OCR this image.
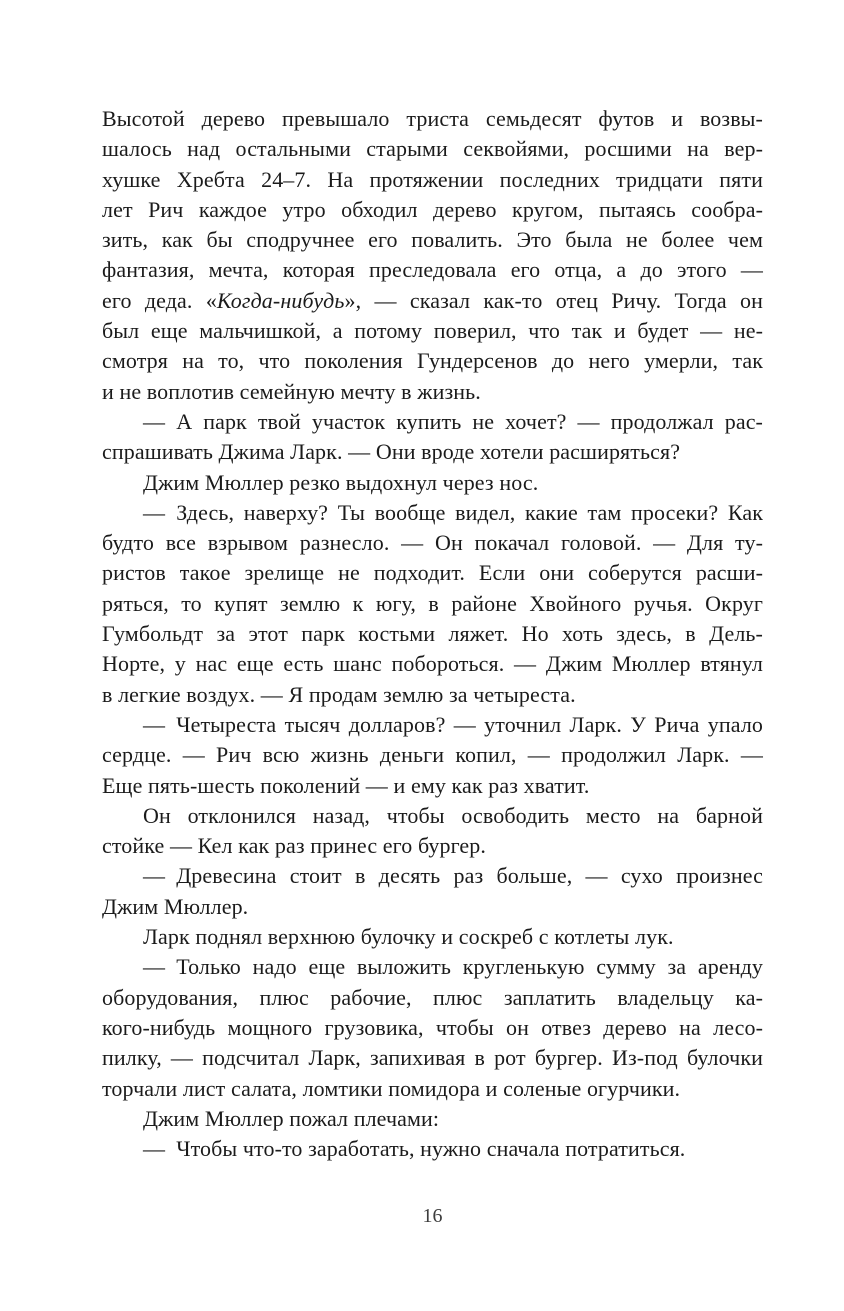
Высотой дерево превышало триста семьдесят футов и возвы-
шалось над остальными старыми секвойями, росшими на вер-
хушке Хребта 24–7. На протяжении последних тридцати пяти
лет Рич каждое утро обходил дерево кругом, пытаясь сообра-
зить, как бы сподручнее его повалить. Это была не более чем
фантазия, мечта, которая преследовала его отца, а до этого —
его деда. «Когда-нибудь», — сказал как-то отец Ричу. Тогда он
был еще мальчишкой, а потому поверил, что так и будет — не-
смотря на то, что поколения Гундерсенов до него умерли, так
и не воплотив семейную мечту в жизнь.
— А парк твой участок купить не хочет? — продолжал рас-
спрашивать Джима Ларк. — Они вроде хотели расширяться?
Джим Мюллер резко выдохнул через нос.
— Здесь, наверху? Ты вообще видел, какие там просеки? Как
будто все взрывом разнесло. — Он покачал головой. — Для ту-
ристов такое зрелище не подходит. Если они соберутся расши-
ряться, то купят землю к югу, в районе Хвойного ручья. Округ
Гумбольдт за этот парк костьми ляжет. Но хоть здесь, в Дель-
Норте, у нас еще есть шанс побороться. — Джим Мюллер втянул
в легкие воздух. — Я продам землю за четыреста.
— Четыреста тысяч долларов? — уточнил Ларк. У Рича упало
сердце. — Рич всю жизнь деньги копил, — продолжил Ларк. —
Еще пять-шесть поколений — и ему как раз хватит.
Он отклонился назад, чтобы освободить место на барной
стойке — Кел как раз принес его бургер.
— Древесина стоит в десять раз больше, — сухо произнес
Джим Мюллер.
Ларк поднял верхнюю булочку и соскреб с котлеты лук.
— Только надо еще выложить кругленькую сумму за аренду
оборудования, плюс рабочие, плюс заплатить владельцу ка-
кого-нибудь мощного грузовика, чтобы он отвез дерево на лесо-
пилку, — подсчитал Ларк, запихивая в рот бургер. Из-под булочки
торчали лист салата, ломтики помидора и соленые огурчики.
Джим Мюллер пожал плечами:
— Чтобы что-то заработать, нужно сначала потратиться.
16
